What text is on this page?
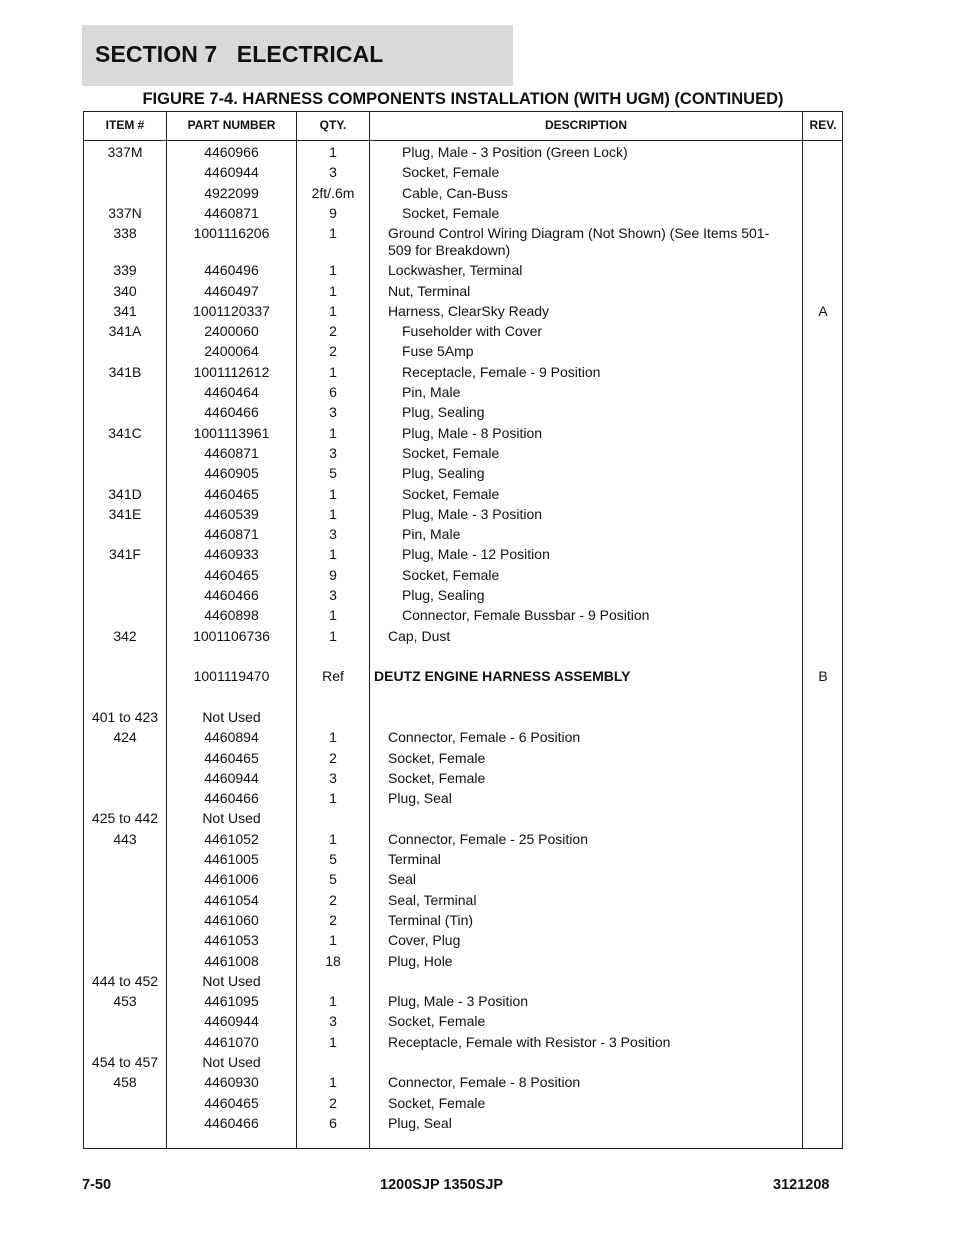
SECTION 7   ELECTRICAL
FIGURE 7-4. HARNESS COMPONENTS INSTALLATION (WITH UGM) (CONTINUED)
ITEM #	PART NUMBER	QTY.	DESCRIPTION	REV.
337M	4460966	1	Plug, Male - 3 Position (Green Lock)
4460944	3	Socket, Female
4922099	2ft/.6m	Cable, Can-Buss
337N	4460871	9	Socket, Female
338	1001116206	1	Ground Control Wiring Diagram (Not Shown) (See Items 501-509 for Breakdown)
339	4460496	1	Lockwasher, Terminal
340	4460497	1	Nut, Terminal
341	1001120337	1	Harness, ClearSky Ready	A
341A	2400060	2	Fuseholder with Cover
2400064	2	Fuse 5Amp
341B	1001112612	1	Receptacle, Female - 9 Position
4460464	6	Pin, Male
4460466	3	Plug, Sealing
341C	1001113961	1	Plug, Male - 8 Position
4460871	3	Socket, Female
4460905	5	Plug, Sealing
341D	4460465	1	Socket, Female
341E	4460539	1	Plug, Male - 3 Position
4460871	3	Pin, Male
341F	4460933	1	Plug, Male - 12 Position
4460465	9	Socket, Female
4460466	3	Plug, Sealing
4460898	1	Connector, Female Bussbar - 9 Position
342	1001106736	1	Cap, Dust
1001119470	Ref	DEUTZ ENGINE HARNESS ASSEMBLY	B
401 to 423	Not Used
424	4460894	1	Connector, Female - 6 Position
4460465	2	Socket, Female
4460944	3	Socket, Female
4460466	1	Plug, Seal
425 to 442	Not Used
443	4461052	1	Connector, Female - 25 Position
4461005	5	Terminal
4461006	5	Seal
4461054	2	Seal, Terminal
4461060	2	Terminal (Tin)
4461053	1	Cover, Plug
4461008	18	Plug, Hole
444 to 452	Not Used
453	4461095	1	Plug, Male - 3 Position
4460944	3	Socket, Female
4461070	1	Receptacle, Female with Resistor - 3 Position
454 to 457	Not Used
458	4460930	1	Connector, Female - 8 Position
4460465	2	Socket, Female
4460466	6	Plug, Seal
7-50	1200SJP 1350SJP	3121208
